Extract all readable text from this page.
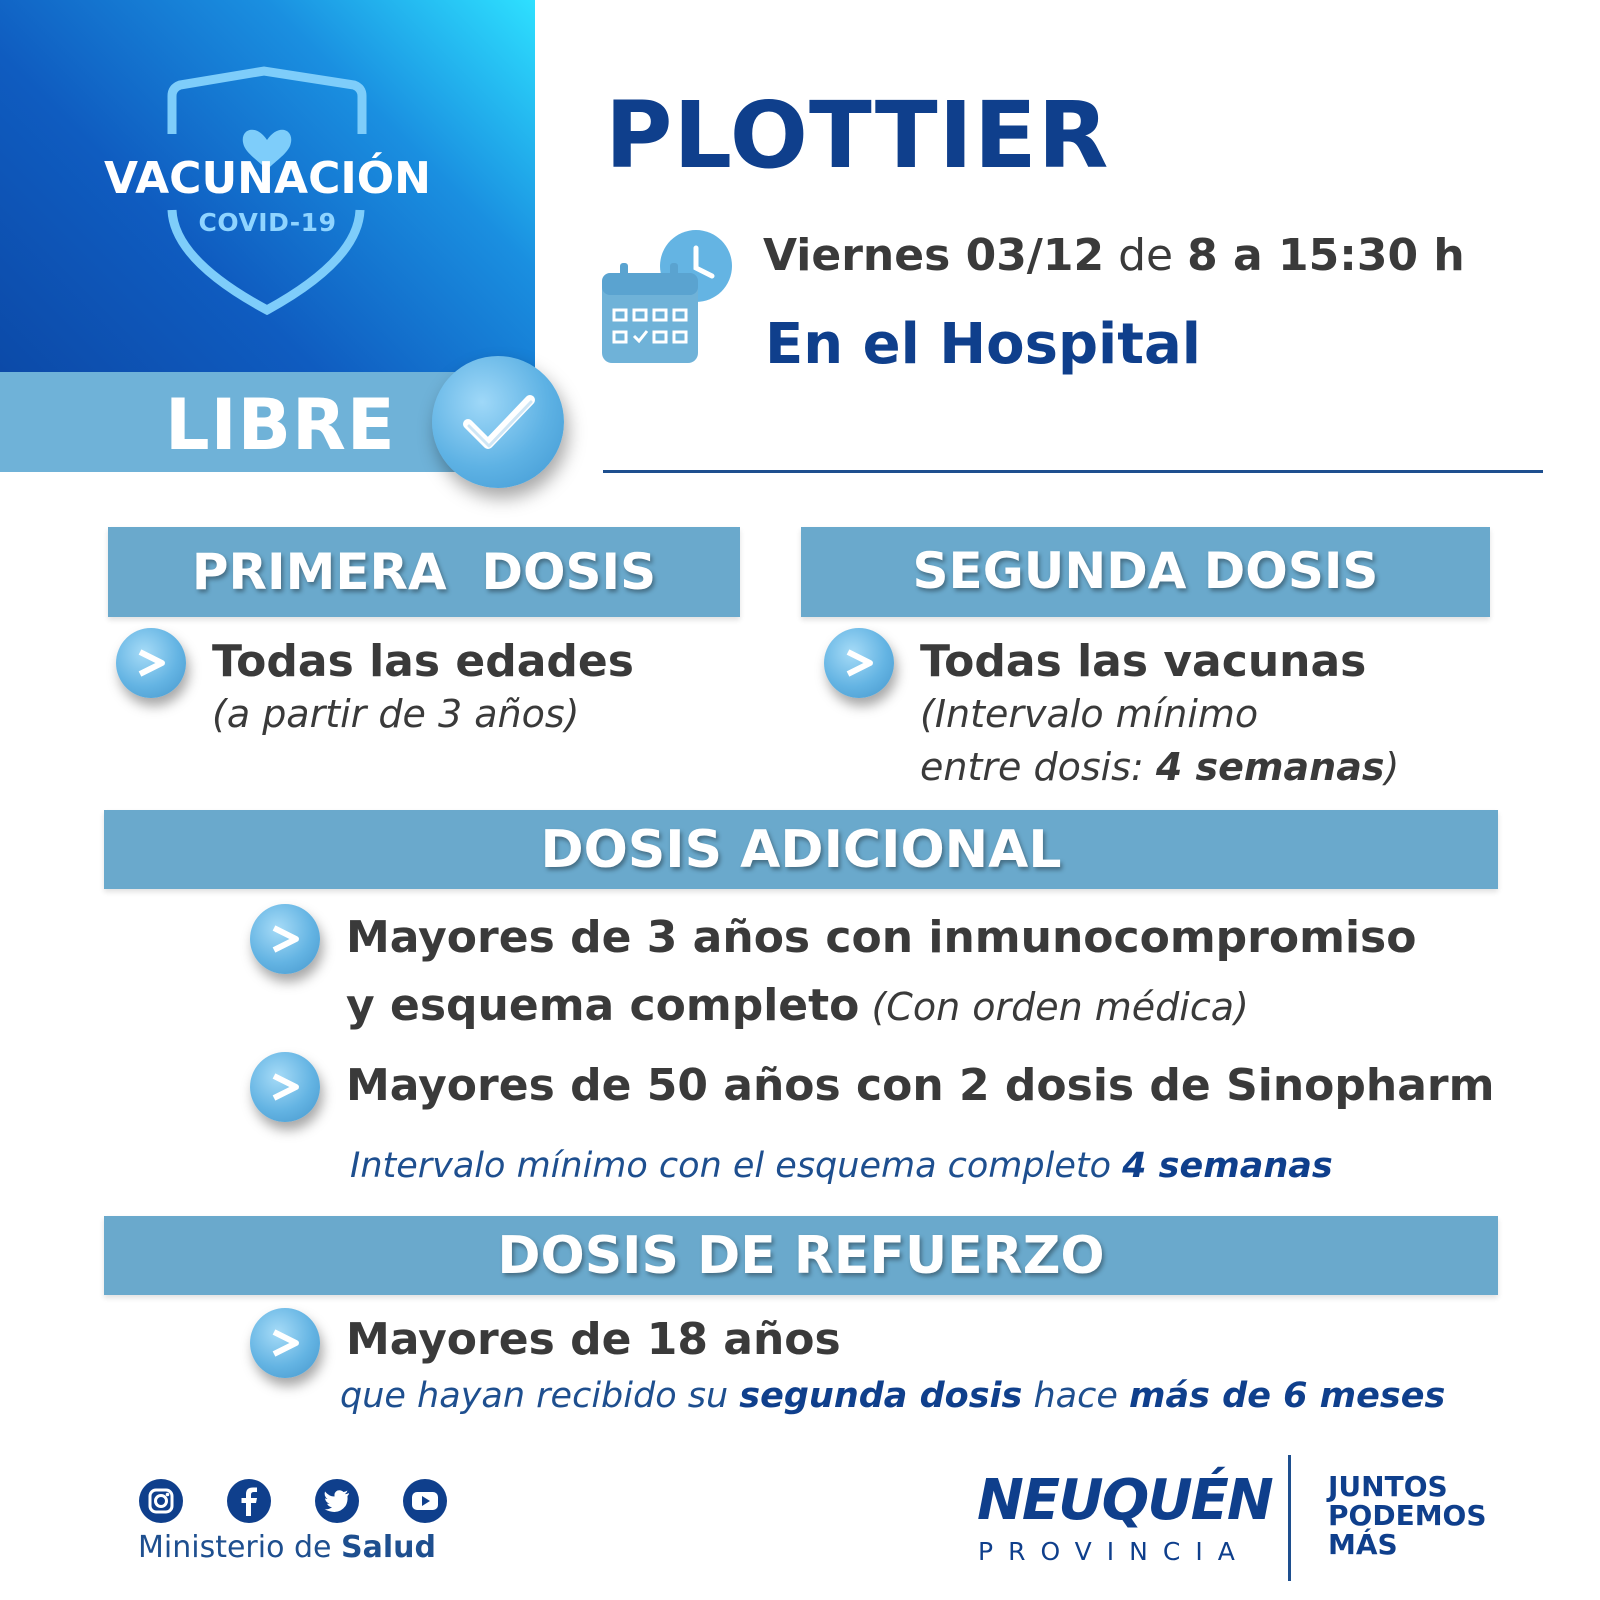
VACUNACIÓN
COVID-19
LIBRE
PLOTTIER
Viernes 03/12 de 8 a 15:30 h
En el Hospital
PRIMERA  DOSIS
Todas las edades
(a partir de 3 años)
SEGUNDA DOSIS
Todas las vacunas
(Intervalo mínimo
entre dosis: 4 semanas)
DOSIS ADICIONAL
Mayores de 3 años con inmunocompromiso
y esquema completo (Con orden médica)
Mayores de 50 años con 2 dosis de Sinopharm
Intervalo mínimo con el esquema completo 4 semanas
DOSIS DE REFUERZO
Mayores de 18 años
que hayan recibido su segunda dosis hace más de 6 meses
Ministerio de Salud
NEUQUÉN
PROVINCIA
JUNTOS
PODEMOS
MÁS
